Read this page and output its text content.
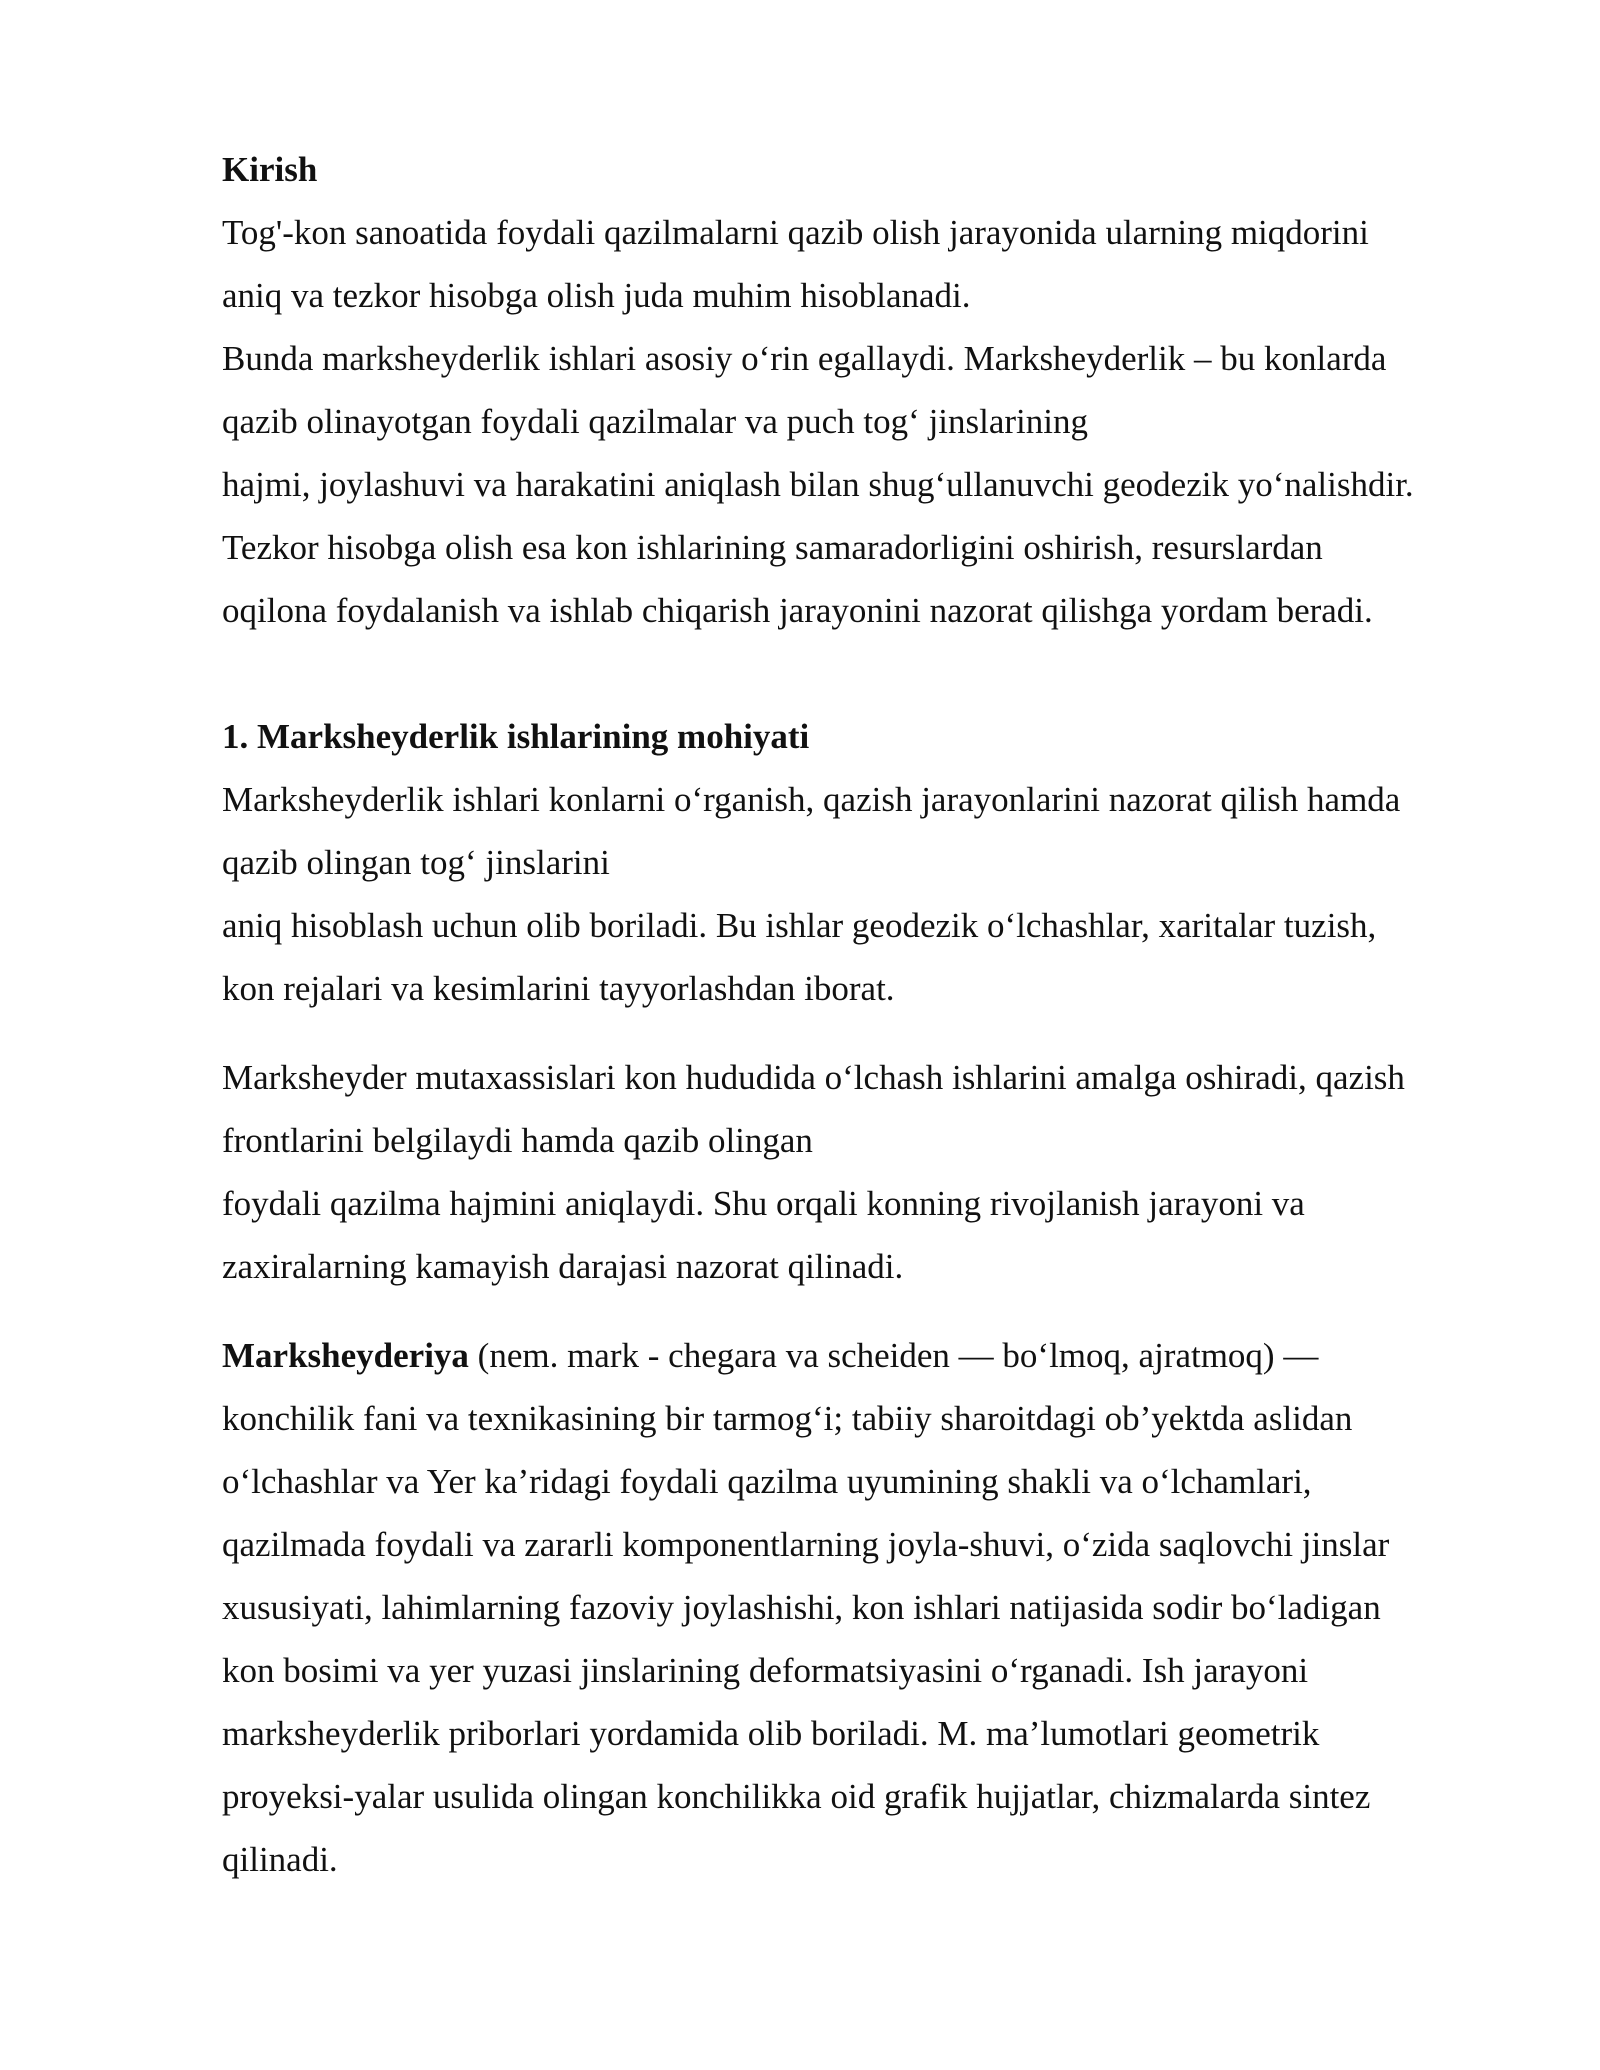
Kirish
Tog'-kon sanoatida foydali qazilmalarni qazib olish jarayonida ularning miqdorini
aniq va tezkor hisobga olish juda muhim hisoblanadi.
Bunda marksheyderlik ishlari asosiy o‘rin egallaydi. Marksheyderlik – bu konlarda
qazib olinayotgan foydali qazilmalar va puch tog‘ jinslarining
hajmi, joylashuvi va harakatini aniqlash bilan shug‘ullanuvchi geodezik yo‘nalishdir.
Tezkor hisobga olish esa kon ishlarining samaradorligini oshirish, resurslardan
oqilona foydalanish va ishlab chiqarish jarayonini nazorat qilishga yordam beradi.
1. Marksheyderlik ishlarining mohiyati
Marksheyderlik ishlari konlarni o‘rganish, qazish jarayonlarini nazorat qilish hamda
qazib olingan tog‘ jinslarini
aniq hisoblash uchun olib boriladi. Bu ishlar geodezik o‘lchashlar, xaritalar tuzish,
kon rejalari va kesimlarini tayyorlashdan iborat.
Marksheyder mutaxassislari kon hududida o‘lchash ishlarini amalga oshiradi, qazish
frontlarini belgilaydi hamda qazib olingan
foydali qazilma hajmini aniqlaydi. Shu orqali konning rivojlanish jarayoni va
zaxiralarning kamayish darajasi nazorat qilinadi.
Marksheyderiya (nem. mark - chegara va scheiden — bo‘lmoq, ajratmoq) —
konchilik fani va texnikasining bir tarmog‘i; tabiiy sharoitdagi ob’yektda aslidan
o‘lchashlar va Yer ka’ridagi foydali qazilma uyumining shakli va o‘lchamlari,
qazilmada foydali va zararli komponentlarning joyla-shuvi, o‘zida saqlovchi jinslar
xususiyati, lahimlarning fazoviy joylashishi, kon ishlari natijasida sodir bo‘ladigan
kon bosimi va yer yuzasi jinslarining deformatsiyasini o‘rganadi. Ish jarayoni
marksheyderlik priborlari yordamida olib boriladi. M. ma’lumotlari geometrik
proyeksi-yalar usulida olingan konchilikka oid grafik hujjatlar, chizmalarda sintez
qilinadi.
